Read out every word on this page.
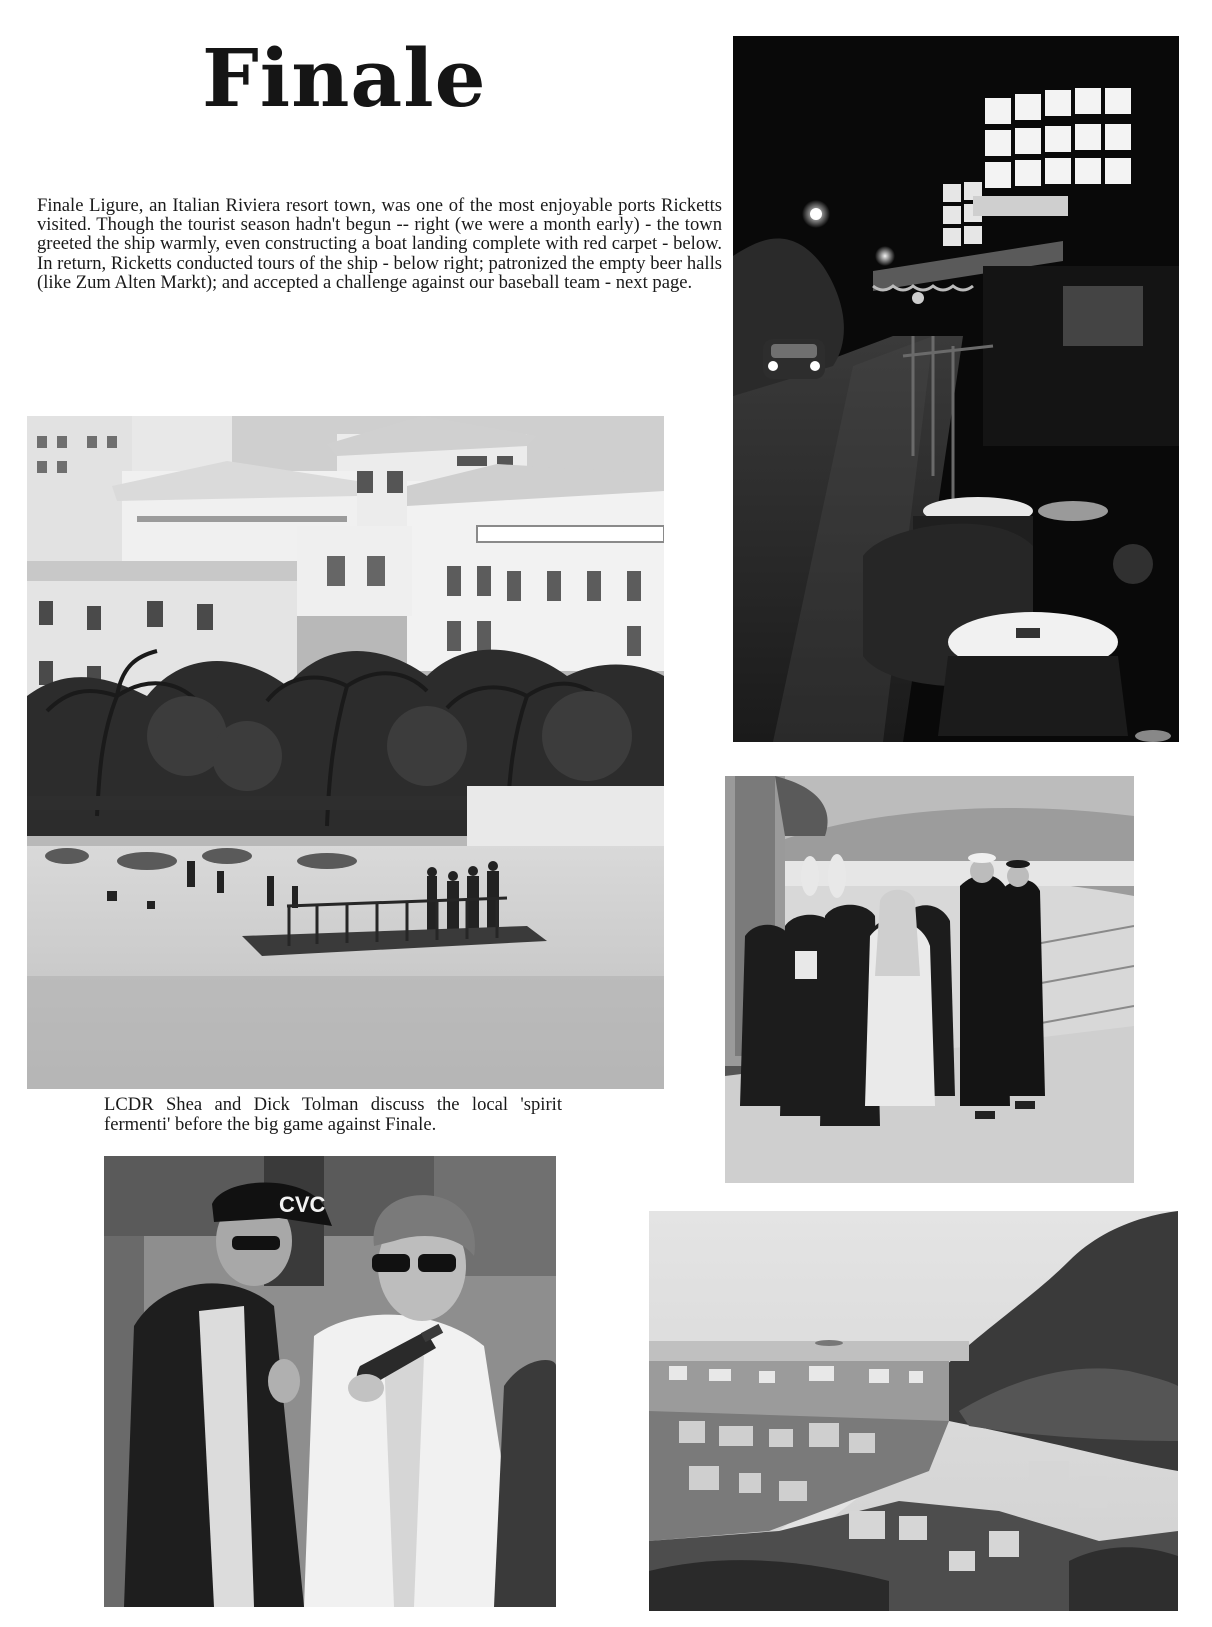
Finale

Finale Ligure, an Italian Riviera resort town, was one of the most enjoyable ports Ricketts visited. Though the tourist season hadn't begun -- right (we were a month early) - the town greeted the ship warmly, even constructing a boat landing complete with red carpet - below. In return, Ricketts conducted tours of the ship - below right; patronized the empty beer halls (like Zum Alten Markt); and accepted a challenge against our baseball team - next page.

LCDR Shea and Dick Tolman discuss the local 'spirit fermenti' before the big game against Finale.

CVC
